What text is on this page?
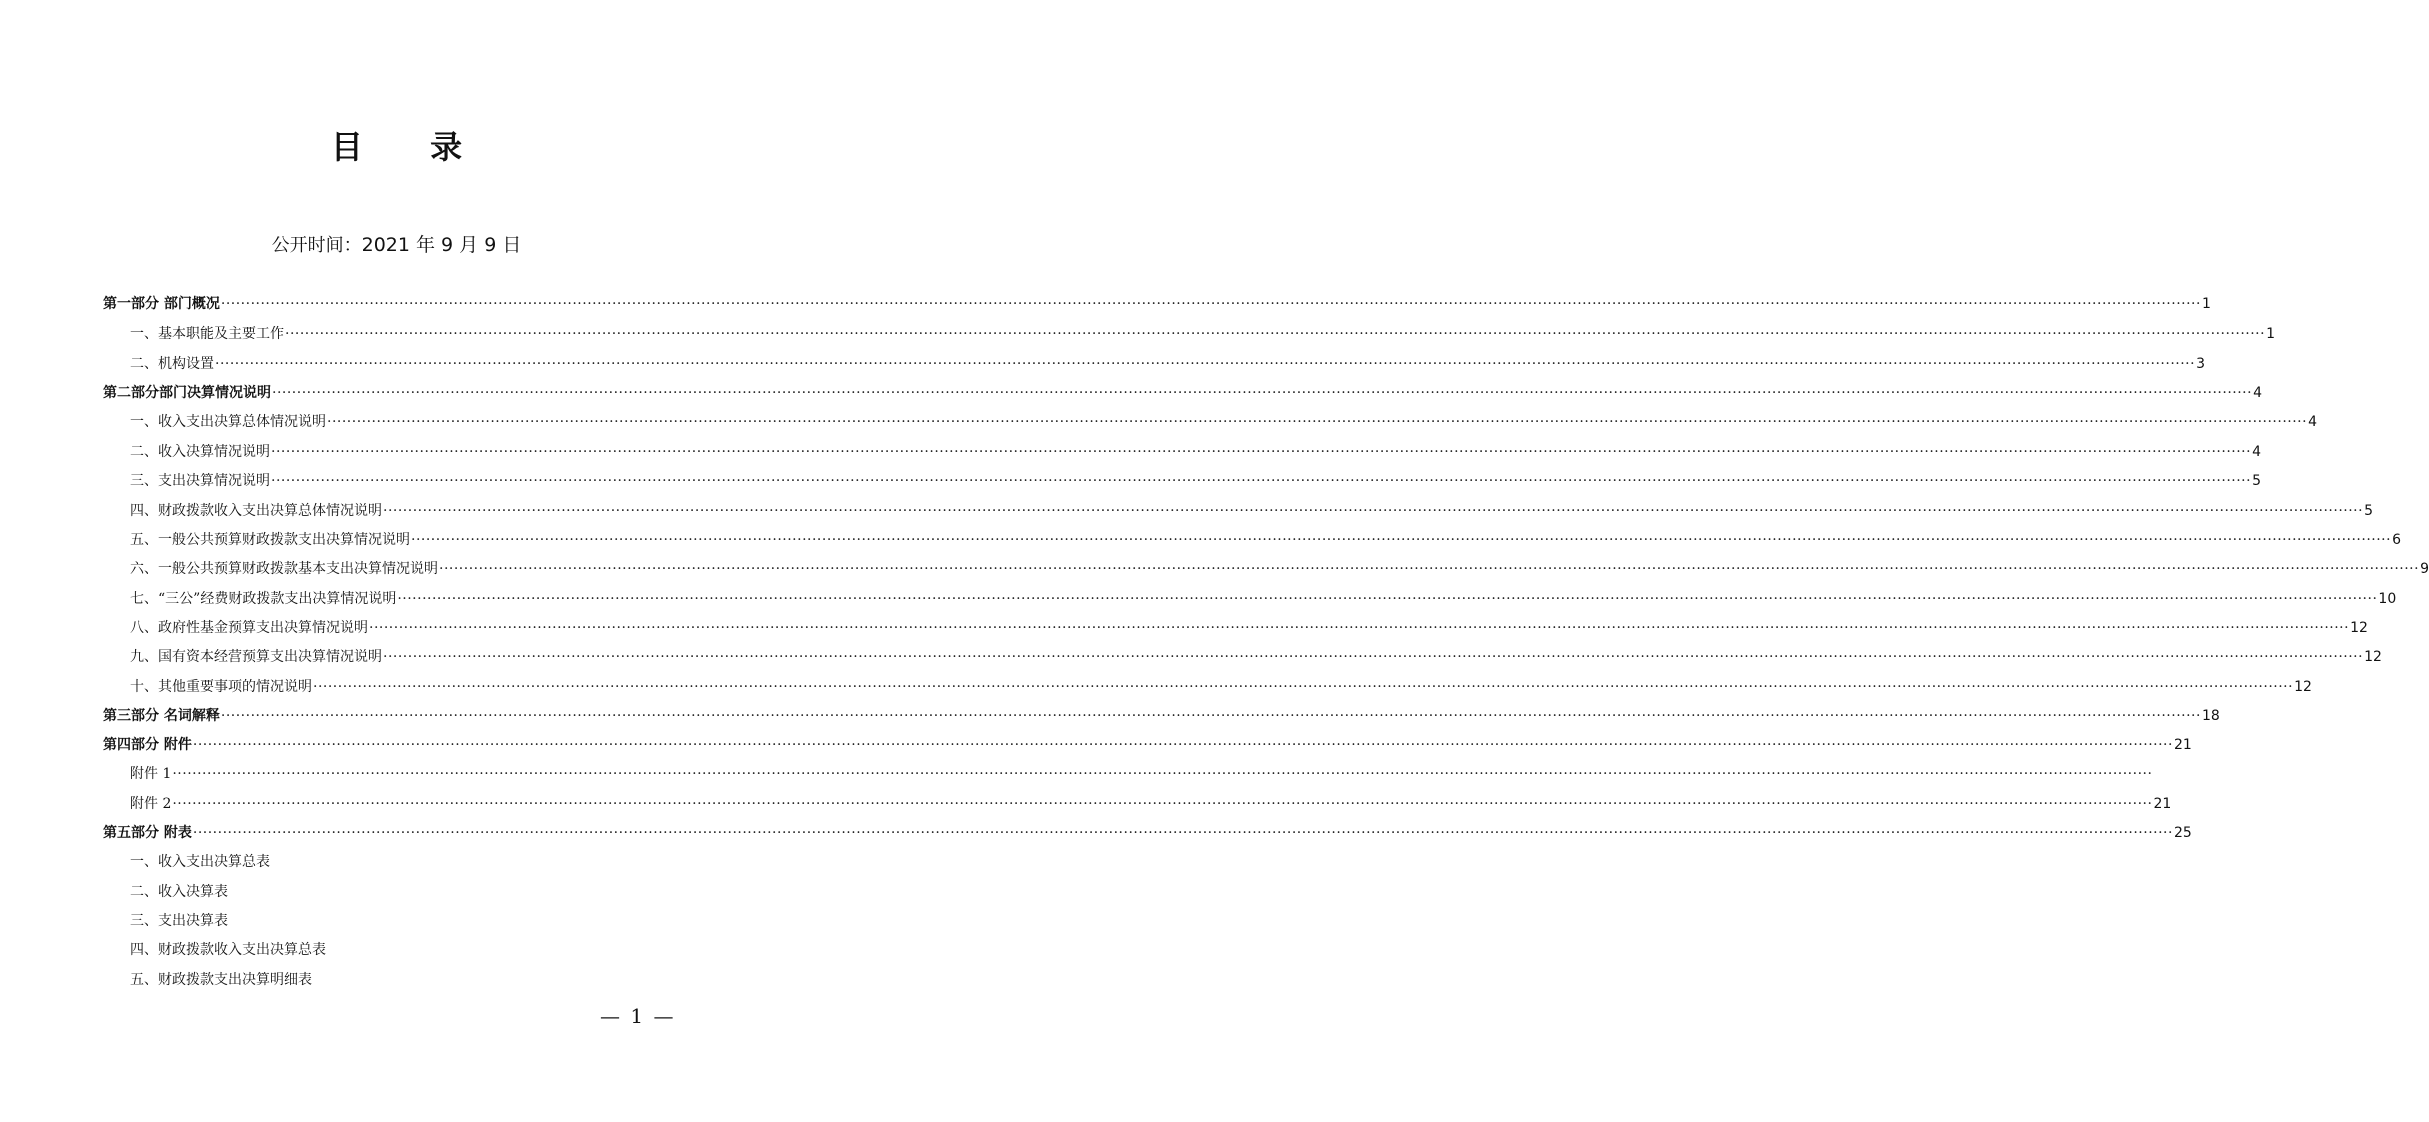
目 录
公开时间：2021 年 9 月 9 日
第一部分 部门概况 ················································································································································································································································································································································································································ 1
一、基本职能及主要工作 ················································································································································································································································································································································································································ 1
二、机构设置 ················································································································································································································································································································································································································ 3
第二部分部门决算情况说明 ················································································································································································································································································································································································································ 4
一、收入支出决算总体情况说明 ················································································································································································································································································································································································································ 4
二、收入决算情况说明 ················································································································································································································································································································································································································ 4
三、支出决算情况说明 ················································································································································································································································································································································································································ 5
四、财政拨款收入支出决算总体情况说明 ················································································································································································································································································································································································································ 5
五、一般公共预算财政拨款支出决算情况说明 ················································································································································································································································································································································································································ 6
六、一般公共预算财政拨款基本支出决算情况说明 ················································································································································································································································································································································································································ 9
七、“三公”经费财政拨款支出决算情况说明 ················································································································································································································································································································································································································ 10
八、政府性基金预算支出决算情况说明 ················································································································································································································································································································································································································ 12
九、国有资本经营预算支出决算情况说明 ················································································································································································································································································································································································································ 12
十、其他重要事项的情况说明 ················································································································································································································································································································································································································ 12
第三部分 名词解释 ················································································································································································································································································································································································································ 18
第四部分 附件 ················································································································································································································································································································································································································ 21
附件 1 ················································································································································································································································································································································································································
附件 2 ················································································································································································································································································································································································································ 21
第五部分 附表 ················································································································································································································································································································································································································ 25
一、收入支出决算总表
二、收入决算表
三、支出决算表
四、财政拨款收入支出决算总表
五、财政拨款支出决算明细表
— 1 —
